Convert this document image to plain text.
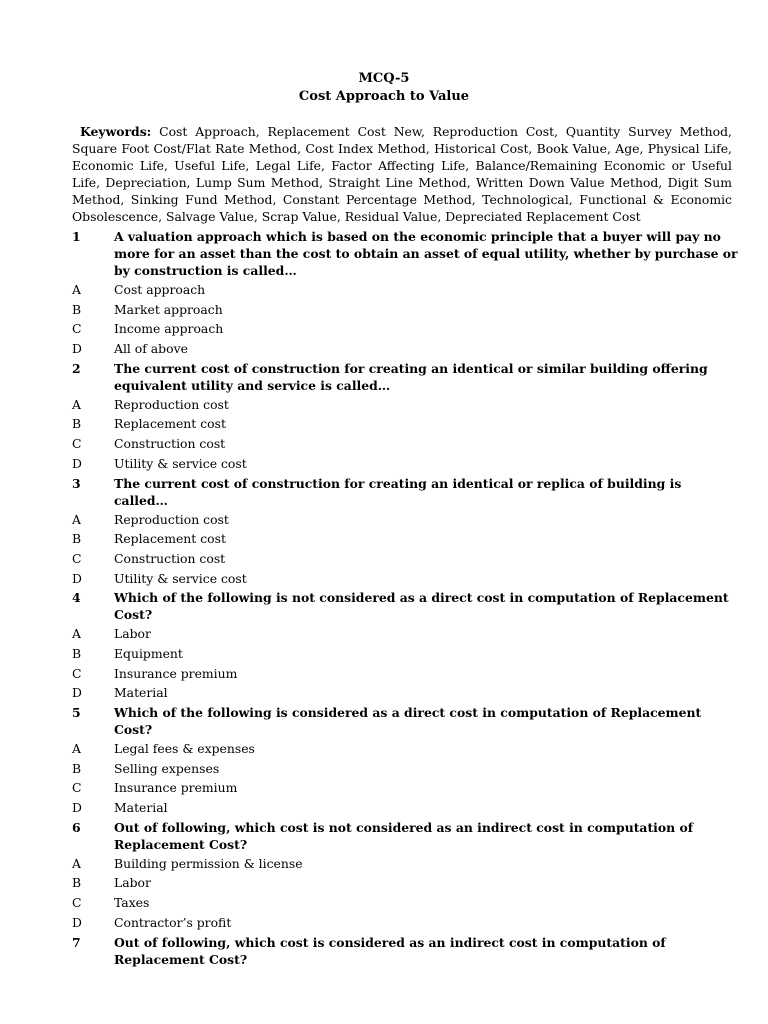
MCQ-5
Cost Approach to Value
Keywords: Cost Approach, Replacement Cost New, Reproduction Cost, Quantity Survey Method, Square Foot Cost/Flat Rate Method, Cost Index Method, Historical Cost, Book Value, Age, Physical Life, Economic Life, Useful Life, Legal Life, Factor Affecting Life, Balance/Remaining Economic or Useful Life, Depreciation, Lump Sum Method, Straight Line Method, Written Down Value Method, Digit Sum Method, Sinking Fund Method, Constant Percentage Method, Technological, Functional & Economic Obsolescence, Salvage Value, Scrap Value, Residual Value, Depreciated Replacement Cost
1	A valuation approach which is based on the economic principle that a buyer will pay no more for an asset than the cost to obtain an asset of equal utility, whether by purchase or by construction is called…
A	Cost approach
B	Market approach
C	Income approach
D	All of above
2	The current cost of construction for creating an identical or similar building offering equivalent utility and service is called…
A	Reproduction cost
B	Replacement cost
C	Construction cost
D	Utility & service cost
3	The current cost of construction for creating an identical or replica of building is called…
A	Reproduction cost
B	Replacement cost
C	Construction cost
D	Utility & service cost
4	Which of the following is not considered as a direct cost in computation of Replacement Cost?
A	Labor
B	Equipment
C	Insurance premium
D	Material
5	Which of the following is considered as a direct cost in computation of Replacement Cost?
A	Legal fees & expenses
B	Selling expenses
C	Insurance premium
D	Material
6	Out of following, which cost is not considered as an indirect cost in computation of Replacement Cost?
A	Building permission & license
B	Labor
C	Taxes
D	Contractor’s profit
7	Out of following, which cost is considered as an indirect cost in computation of Replacement Cost?
